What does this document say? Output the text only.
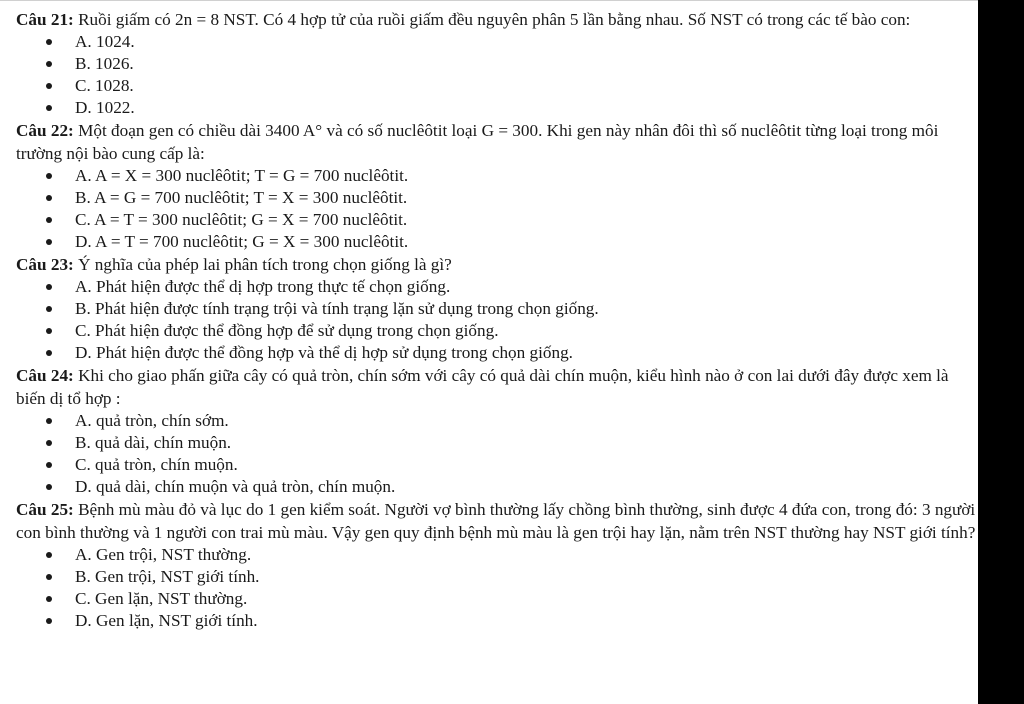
Câu 21: Ruồi giấm có 2n = 8 NST. Có 4 hợp tử của ruồi giấm đều nguyên phân 5 lần bằng nhau. Số NST có trong các tế bào con:

A. 1024.
B. 1026.
C. 1028.
D. 1022.

Câu 22: Một đoạn gen có chiều dài 3400 A° và có số nuclêôtit loại G = 300. Khi gen này nhân đôi thì số nuclêôtit từng loại trong môi trường nội bào cung cấp là:

A. A = X = 300 nuclêôtit; T = G = 700 nuclêôtit.
B. A = G = 700 nuclêôtit; T = X = 300 nuclêôtit.
C. A = T = 300 nuclêôtit; G = X = 700 nuclêôtit.
D. A = T = 700 nuclêôtit; G = X = 300 nuclêôtit.

Câu 23: Ý nghĩa của phép lai phân tích trong chọn giống là gì?

A. Phát hiện được thể dị hợp trong thực tế chọn giống.
B. Phát hiện được tính trạng trội và tính trạng lặn sử dụng trong chọn giống.
C. Phát hiện được thể đồng hợp để sử dụng trong chọn giống.
D. Phát hiện được thể đồng hợp và thể dị hợp sử dụng trong chọn giống.

Câu 24: Khi cho giao phấn giữa cây có quả tròn, chín sớm với cây có quả dài chín muộn, kiểu hình nào ở con lai dưới đây được xem là biến dị tổ hợp :

A. quả tròn, chín sớm.
B. quả dài, chín muộn.
C. quả tròn, chín muộn.
D. quả dài, chín muộn và quả tròn, chín muộn.

Câu 25: Bệnh mù màu đỏ và lục do 1 gen kiểm soát. Người vợ bình thường lấy chồng bình thường, sinh được 4 đứa con, trong đó: 3 người con bình thường và 1 người con trai mù màu. Vậy gen quy định bệnh mù màu là gen trội hay lặn, nằm trên NST thường hay NST giới tính?

A. Gen trội, NST thường.
B. Gen trội, NST giới tính.
C. Gen lặn, NST thường.
D. Gen lặn, NST giới tính.
